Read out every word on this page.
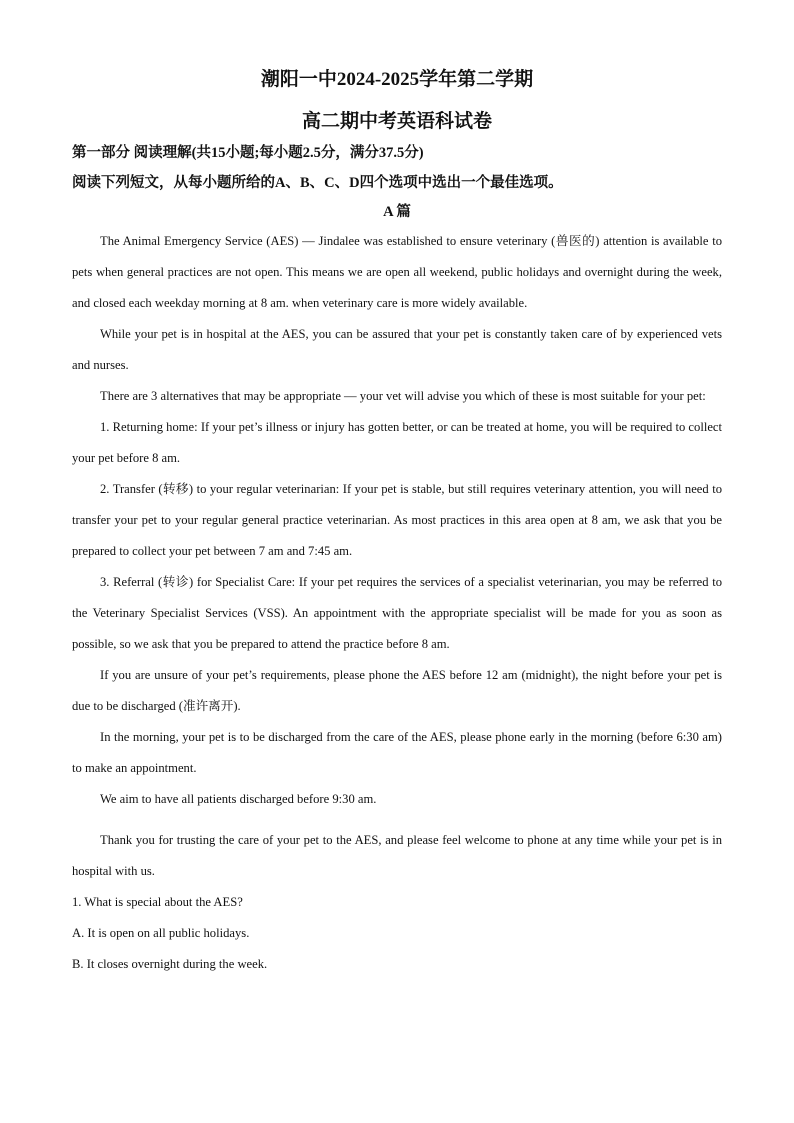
潮阳一中2024-2025学年第二学期
高二期中考英语科试卷

第一部分 阅读理解(共15小题;每小题2.5分，满分37.5分)

阅读下列短文，从每小题所给的A、B、C、D四个选项中选出一个最佳选项。

A 篇

The Animal Emergency Service (AES) — Jindalee was established to ensure veterinary (兽医的) attention is available to pets when general practices are not open. This means we are open all weekend, public holidays and overnight during the week, and closed each weekday morning at 8 am. when veterinary care is more widely available.

While your pet is in hospital at the AES, you can be assured that your pet is constantly taken care of by experienced vets and nurses.

There are 3 alternatives that may be appropriate — your vet will advise you which of these is most suitable for your pet:

1. Returning home: If your pet’s illness or injury has gotten better, or can be treated at home, you will be required to collect your pet before 8 am.

2. Transfer (转移) to your regular veterinarian: If your pet is stable, but still requires veterinary attention, you will need to transfer your pet to your regular general practice veterinarian. As most practices in this area open at 8 am, we ask that you be prepared to collect your pet between 7 am and 7:45 am.

3. Referral (转诊) for Specialist Care: If your pet requires the services of a specialist veterinarian, you may be referred to the Veterinary Specialist Services (VSS). An appointment with the appropriate specialist will be made for you as soon as possible, so we ask that you be prepared to attend the practice before 8 am.

If you are unsure of your pet’s requirements, please phone the AES before 12 am (midnight), the night before your pet is due to be discharged (准许离开).

In the morning, your pet is to be discharged from the care of the AES, please phone early in the morning (before 6:30 am) to make an appointment.

We aim to have all patients discharged before 9:30 am.

Thank you for trusting the care of your pet to the AES, and please feel welcome to phone at any time while your pet is in hospital with us.

1. What is special about the AES?

A. It is open on all public holidays.

B. It closes overnight during the week.
